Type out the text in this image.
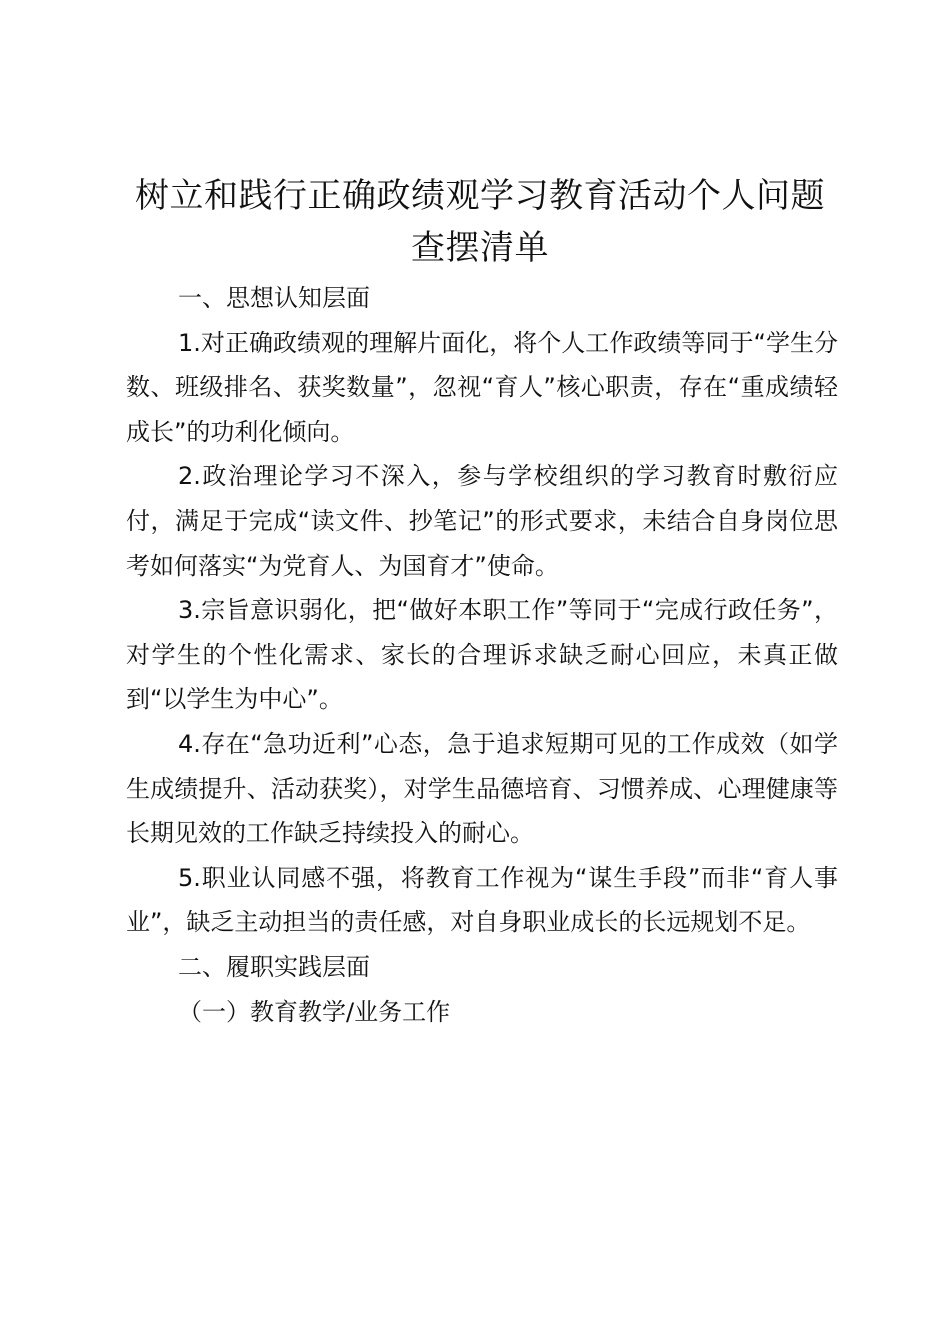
树立和践行正确政绩观学习教育活动个人问题
查摆清单

一、思想认知层面

1.对正确政绩观的理解片面化，将个人工作政绩等同于“学生分数、班级排名、获奖数量”，忽视“育人”核心职责，存在“重成绩轻成长”的功利化倾向。

2.政治理论学习不深入，参与学校组织的学习教育时敷衍应付，满足于完成“读文件、抄笔记”的形式要求，未结合自身岗位思考如何落实“为党育人、为国育才”使命。

3.宗旨意识弱化，把“做好本职工作”等同于“完成行政任务”，对学生的个性化需求、家长的合理诉求缺乏耐心回应，未真正做到“以学生为中心”。

4.存在“急功近利”心态，急于追求短期可见的工作成效（如学生成绩提升、活动获奖），对学生品德培育、习惯养成、心理健康等长期见效的工作缺乏持续投入的耐心。

5.职业认同感不强，将教育工作视为“谋生手段”而非“育人事业”，缺乏主动担当的责任感，对自身职业成长的长远规划不足。

二、履职实践层面

（一）教育教学/业务工作
